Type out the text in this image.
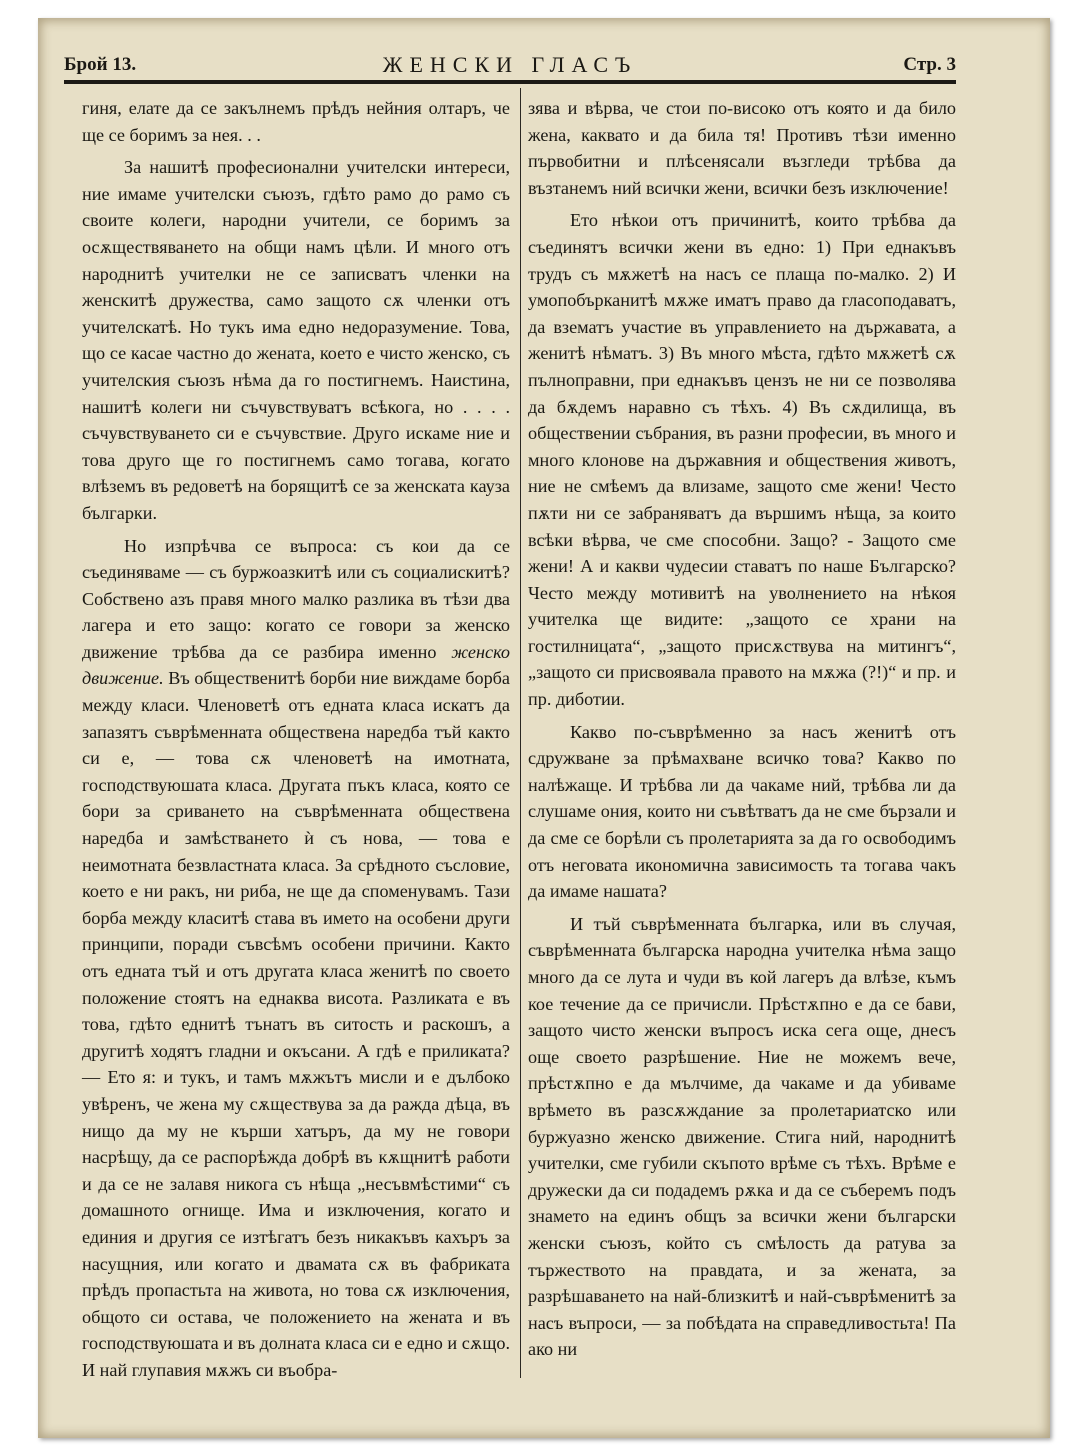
Брой 13.	ЖЕНСКИ ГЛАСЪ	Стр. 3

гиня, елате да се закълнемъ прѣдъ нейния олтаръ, че ще се боримъ за нея. . .

За нашитѣ професионални учителски интереси, ние имаме учителски съюзъ, гдѣто рамо до рамо съ своите колеги, народни учители, се боримъ за осѫществяването на общи намъ цѣли. И много отъ народнитѣ учителки не се записватъ членки на женскитѣ дружества, само защото сѫ членки отъ учителскатѣ. Но тукъ има едно недоразумение. Това, що се касае частно до жената, което е чисто женско, съ учителския съюзъ нѣма да го постигнемъ. Наистина, нашитѣ колеги ни съчувствуватъ всѣкога, но . . . . съчувствуването си е съчувствие. Друго искаме ние и това друго ще го постигнемъ само тогава, когато влѣземъ въ редоветѣ на борящитѣ се за женската кауза българки.

Но изпрѣчва се въпроса: съ кои да се съединяваме — съ буржоазкитѣ или съ социалискитѣ? Собствено азъ правя много малко разлика въ тѣзи два лагера и ето защо: когато се говори за женско движение трѣбва да се разбира именно женско движение. Въ общественитѣ борби ние виждаме борба между класи. Членоветѣ отъ едната класа искатъ да запазятъ съврѣменната обществена наредба тъй както си е, — това сѫ членоветѣ на имотната, господствуюшата класа. Другата пъкъ класа, която се бори за сриването на съврѣменната обществена наредба и замѣстването ѝ съ нова, — това е неимотната безвластната класа. За срѣдното съсловие, което е ни ракъ, ни риба, не ще да споменувамъ. Тази борба между класитѣ става въ името на особени други принципи, поради съвсѣмъ особени причини. Както отъ едната тъй и отъ другата класа женитѣ по своето положение стоятъ на еднаква висота. Разликата е въ това, гдѣто еднитѣ тънатъ въ ситость и раскошъ, а другитѣ ходятъ гладни и окъсани. А гдѣ е приликата? — Ето я: и тукъ, и тамъ мѫжътъ мисли и е дълбоко увѣренъ, че жена му сѫществува за да ражда дѣца, въ нищо да му не кърши хатъръ, да му не говори насрѣщу, да се распорѣжда добрѣ въ кѫщнитѣ работи и да се не залавя никога съ нѣща „несъвмѣстими“ съ домашното огнище. Има и изключения, когато и единия и другия се изтѣгатъ безъ никакъвъ кахъръ за насущния, или когато и двамата сѫ въ фабриката прѣдъ пропастьта на живота, но това сѫ изключения, общото си остава, че положението на жената и въ господствуюшата и въ долната класа си е едно и сѫщо. И най глупавия мѫжъ си въобра-

зява и вѣрва, че стои по-високо отъ която и да било жена, каквато и да била тя! Противъ тѣзи именно първобитни и плѣсенясали възгледи трѣбва да възтанемъ ний всички жени, всички безъ изключение!

Ето нѣкои отъ причинитѣ, които трѣбва да съединятъ всички жени въ едно: 1) При еднакъвъ трудъ съ мѫжетѣ на насъ се плаща по-малко. 2) И умопобърканитѣ мѫже иматъ право да гласоподаватъ, да взематъ участие въ управлението на държавата, а женитѣ нѣматъ. 3) Въ много мѣста, гдѣто мѫжетѣ сѫ пълноправни, при еднакъвъ цензъ не ни се позволява да бѫдемъ наравно съ тѣхъ. 4) Въ сѫдилища, въ обществении събрания, въ разни професии, въ много и много клонове на държавния и обществения животъ, ние не смѣемъ да влизаме, защото сме жени! Често пѫти ни се забраняватъ да вършимъ нѣща, за които всѣки вѣрва, че сме способни. Защо? - Защото сме жени! А и какви чудесии ставатъ по наше Българско? Често между мотивитѣ на уволнението на нѣкоя учителка ще видите: „защото се храни на гостилницата“, „защото присѫствува на митингъ“, „защото си присвоявала правото на мѫжа (?!)“ и пр. и пр. диботии.

Какво по-съврѣменно за насъ женитѣ отъ сдружване за прѣмахване всичко това? Какво по налѣжаще. И трѣбва ли да чакаме ний, трѣбва ли да слушаме ония, които ни съвѣтватъ да не сме бързали и да сме се борѣли съ пролетарията за да го освободимъ отъ неговата икономична зависимость та тогава чакъ да имаме нашата?

И тъй съврѣменната българка, или въ случая, съврѣменната българска народна учителка нѣма защо много да се лута и чуди въ кой лагеръ да влѣзе, къмъ кое течение да се причисли. Прѣстѫпно е да се бави, защото чисто женски въпросъ иска сега още, днесъ още своето разрѣшение. Ние не можемъ вече, прѣстѫпно е да мълчиме, да чакаме и да убиваме врѣмето въ разсѫждание за пролетариатско или буржуазно женско движение. Стига ний, народнитѣ учителки, сме губили скъпото врѣме съ тѣхъ. Врѣме е дружески да си подадемъ рѫка и да се съберемъ подъ знамето на единъ общъ за всички жени български женски съюзъ, който съ смѣлость да ратува за тържеството на правдата, и за жената, за разрѣшаването на най-близкитѣ и най-съврѣменитѣ за насъ въпроси, — за побѣдата на справедливостьта! Па ако ни
